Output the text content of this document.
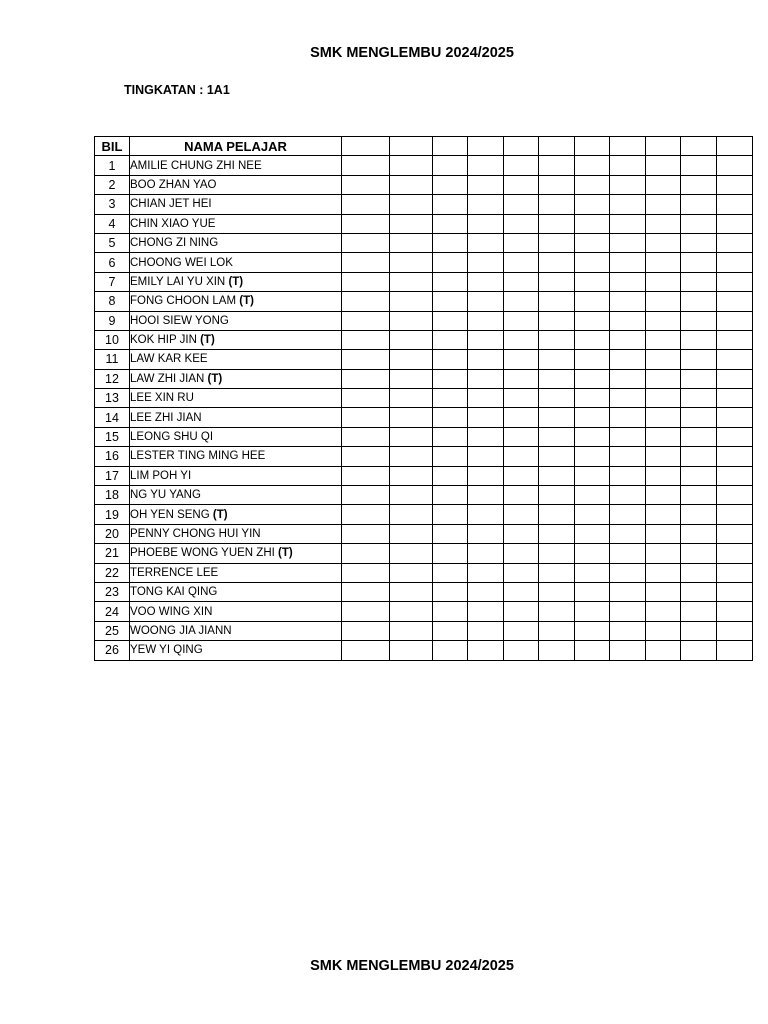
SMK MENGLEMBU 2024/2025
TINGKATAN : 1A1
BIL	NAMA PELAJAR											
1	AMILIE CHUNG ZHI NEE											
2	BOO ZHAN YAO											
3	CHIAN JET HEI											
4	CHIN XIAO YUE											
5	CHONG ZI NING											
6	CHOONG WEI LOK											
7	EMILY LAI YU XIN (T)											
8	FONG CHOON LAM (T)											
9	HOOI SIEW YONG											
10	KOK HIP JIN (T)											
11	LAW KAR KEE											
12	LAW ZHI JIAN (T)											
13	LEE XIN RU											
14	LEE ZHI JIAN											
15	LEONG SHU QI											
16	LESTER TING MING HEE											
17	LIM POH YI											
18	NG YU YANG											
19	OH YEN SENG (T)											
20	PENNY CHONG HUI YIN											
21	PHOEBE WONG YUEN ZHI (T)											
22	TERRENCE LEE											
23	TONG KAI QING											
24	VOO WING XIN											
25	WOONG JIA JIANN											
26	YEW YI QING											
SMK MENGLEMBU 2024/2025
